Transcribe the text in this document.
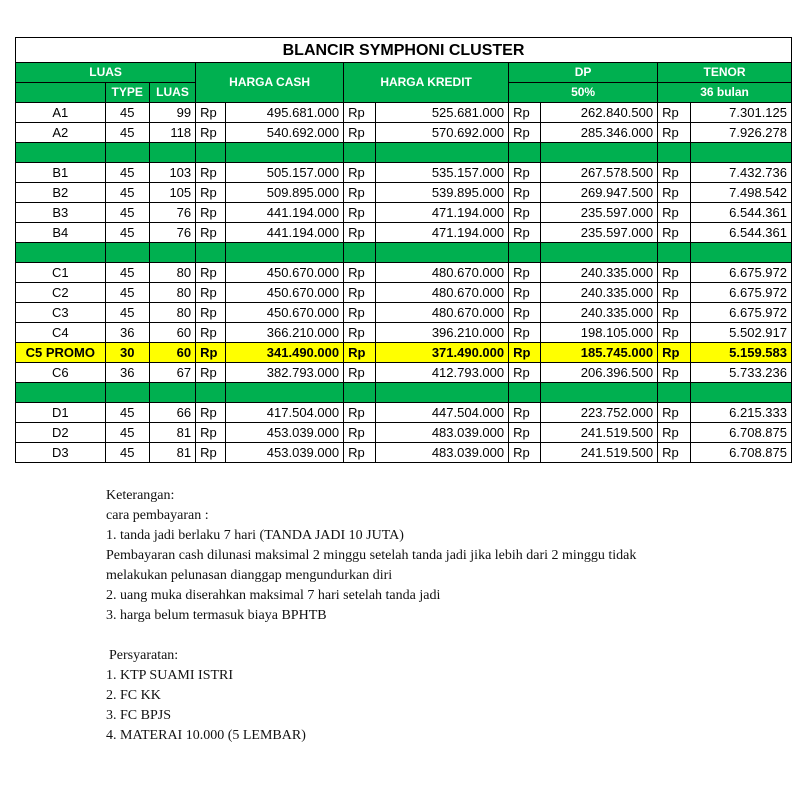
BLANCIR SYMPHONI CLUSTER										
LUAS			HARGA CASH		HARGA KREDIT		DP		TENOR	
	TYPE	LUAS					50%		36 bulan	
A1	45	99	Rp	495.681.000	Rp	525.681.000	Rp	262.840.500	Rp	7.301.125
A2	45	118	Rp	540.692.000	Rp	570.692.000	Rp	285.346.000	Rp	7.926.278

B1	45	103	Rp	505.157.000	Rp	535.157.000	Rp	267.578.500	Rp	7.432.736
B2	45	105	Rp	509.895.000	Rp	539.895.000	Rp	269.947.500	Rp	7.498.542
B3	45	76	Rp	441.194.000	Rp	471.194.000	Rp	235.597.000	Rp	6.544.361
B4	45	76	Rp	441.194.000	Rp	471.194.000	Rp	235.597.000	Rp	6.544.361

C1	45	80	Rp	450.670.000	Rp	480.670.000	Rp	240.335.000	Rp	6.675.972
C2	45	80	Rp	450.670.000	Rp	480.670.000	Rp	240.335.000	Rp	6.675.972
C3	45	80	Rp	450.670.000	Rp	480.670.000	Rp	240.335.000	Rp	6.675.972
C4	36	60	Rp	366.210.000	Rp	396.210.000	Rp	198.105.000	Rp	5.502.917
C5 PROMO	30	60	Rp	341.490.000	Rp	371.490.000	Rp	185.745.000	Rp	5.159.583
C6	36	67	Rp	382.793.000	Rp	412.793.000	Rp	206.396.500	Rp	5.733.236

D1	45	66	Rp	417.504.000	Rp	447.504.000	Rp	223.752.000	Rp	6.215.333
D2	45	81	Rp	453.039.000	Rp	483.039.000	Rp	241.519.500	Rp	6.708.875
D3	45	81	Rp	453.039.000	Rp	483.039.000	Rp	241.519.500	Rp	6.708.875

Keterangan:

cara pembayaran :

1. tanda jadi berlaku 7 hari (TANDA JADI 10 JUTA)

Pembayaran cash dilunasi maksimal 2 minggu setelah tanda jadi jika lebih dari 2 minggu tidak

melakukan pelunasan dianggap mengundurkan diri

2. uang muka diserahkan maksimal 7 hari setelah tanda jadi

3. harga belum termasuk biaya BPHTB

Persyaratan:

1. KTP SUAMI ISTRI

2. FC KK

3. FC BPJS

4. MATERAI 10.000 (5 LEMBAR)
